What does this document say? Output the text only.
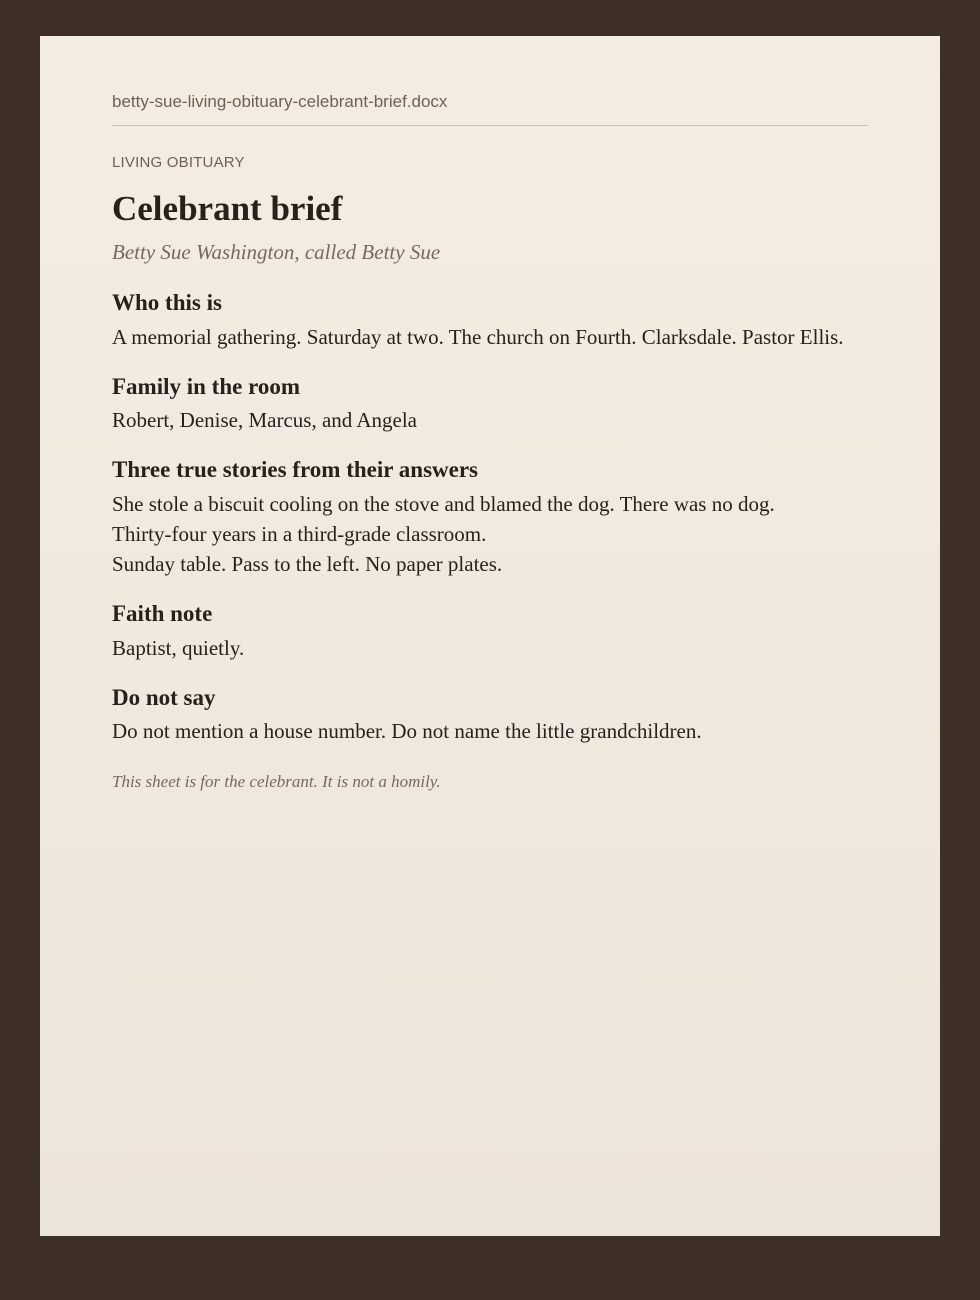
betty-sue-living-obituary-celebrant-brief.docx

LIVING OBITUARY

Celebrant brief

Betty Sue Washington, called Betty Sue

Who this is

A memorial gathering. Saturday at two. The church on Fourth. Clarksdale. Pastor Ellis.

Family in the room

Robert, Denise, Marcus, and Angela

Three true stories from their answers

She stole a biscuit cooling on the stove and blamed the dog. There was no dog.
Thirty-four years in a third-grade classroom.
Sunday table. Pass to the left. No paper plates.

Faith note

Baptist, quietly.

Do not say

Do not mention a house number. Do not name the little grandchildren.

This sheet is for the celebrant. It is not a homily.
